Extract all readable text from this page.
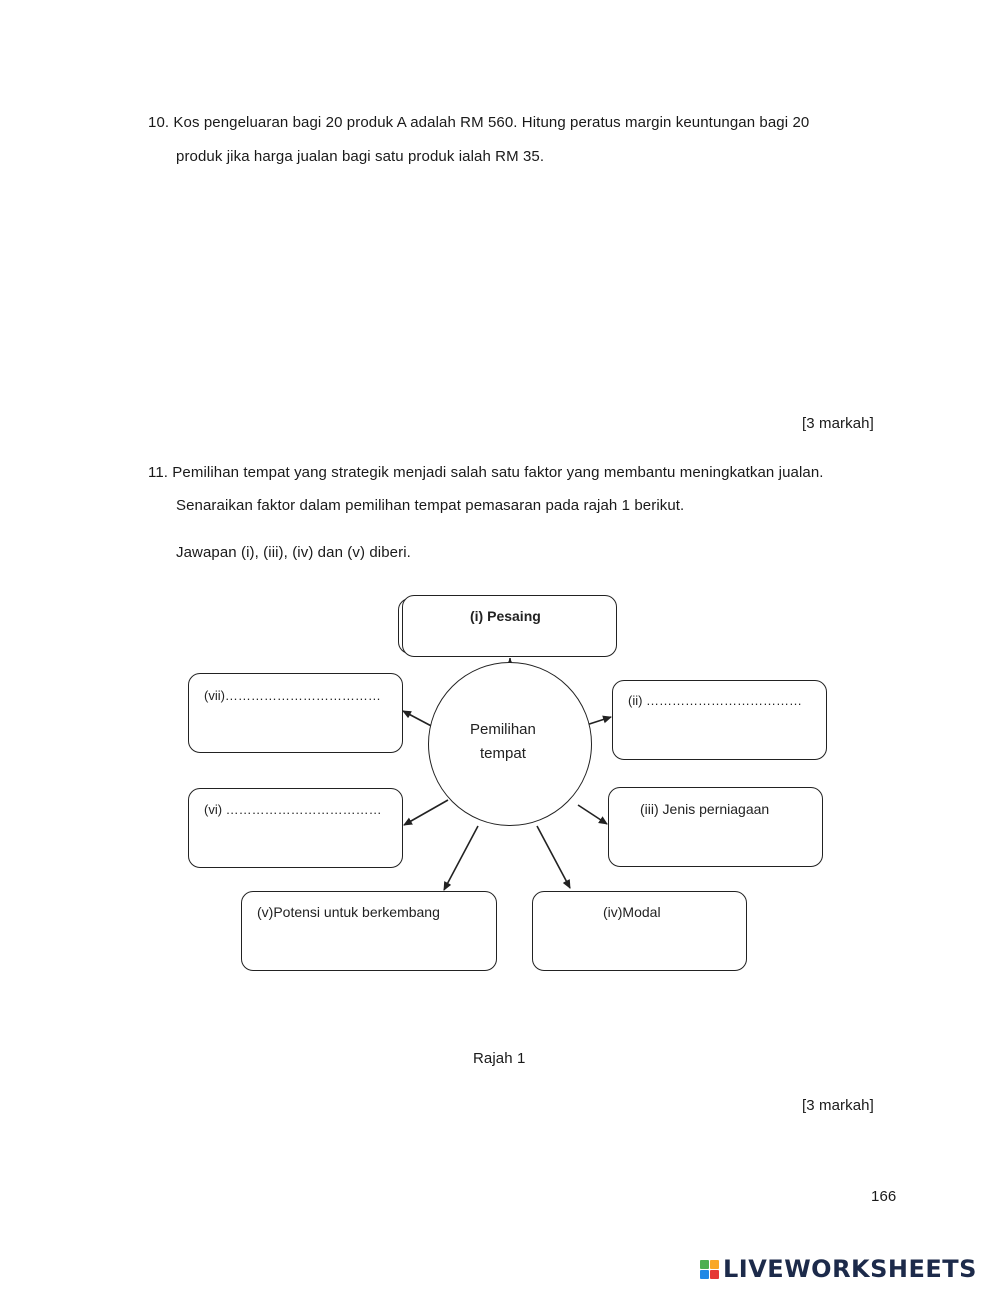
10. Kos pengeluaran bagi 20 produk A adalah RM 560. Hitung peratus margin keuntungan bagi 20
produk jika harga jualan bagi satu produk ialah RM 35.
[3 markah]
11. Pemilihan tempat yang strategik menjadi salah satu faktor yang membantu meningkatkan jualan.
Senaraikan faktor dalam pemilihan tempat pemasaran pada rajah 1 berikut.
Jawapan (i), (iii), (iv) dan (v) diberi.
(i) Pesaing
Pemilihan
tempat
(vii)………………………………	(ii) ………………………………
(vi) ………………………………	(iii) Jenis perniagaan
(v)Potensi untuk berkembang	(iv)Modal
Rajah 1
[3 markah]
166
LIVEWORKSHEETS
